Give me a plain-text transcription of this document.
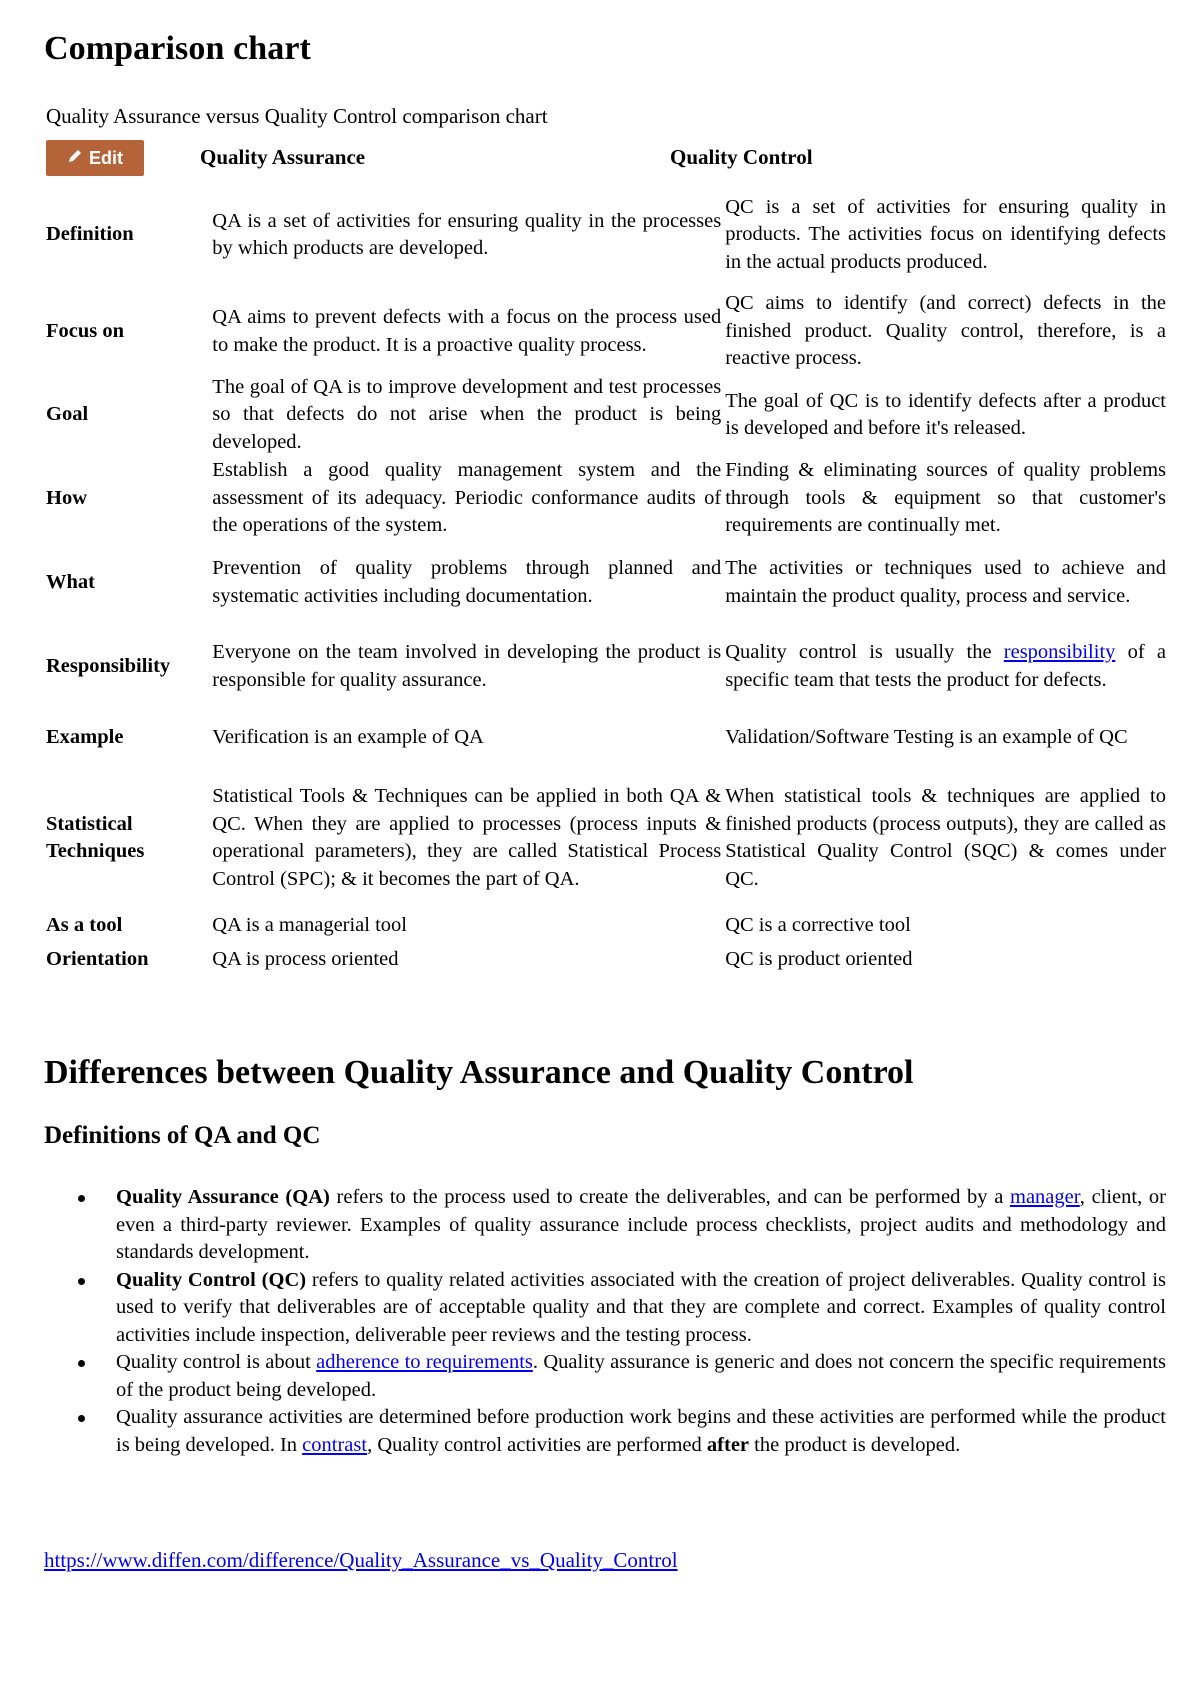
Comparison chart
Quality Assurance versus Quality Control comparison chart
Edit	Quality Assurance	Quality Control
Definition	QA is a set of activities for ensuring quality in the processes by which products are developed.	QC is a set of activities for ensuring quality in products. The activities focus on identifying defects in the actual products produced.
Focus on	QA aims to prevent defects with a focus on the process used to make the product. It is a proactive quality process.	QC aims to identify (and correct) defects in the finished product. Quality control, therefore, is a reactive process.
Goal	The goal of QA is to improve development and test processes so that defects do not arise when the product is being developed.	The goal of QC is to identify defects after a product is developed and before it's released.
How	Establish a good quality management system and the assessment of its adequacy. Periodic conformance audits of the operations of the system.	Finding & eliminating sources of quality problems through tools & equipment so that customer's requirements are continually met.
What	Prevention of quality problems through planned and systematic activities including documentation.	The activities or techniques used to achieve and maintain the product quality, process and service.
Responsibility	Everyone on the team involved in developing the product is responsible for quality assurance.	Quality control is usually the responsibility of a specific team that tests the product for defects.
Example	Verification is an example of QA	Validation/Software Testing is an example of QC
Statistical Techniques	Statistical Tools & Techniques can be applied in both QA & QC. When they are applied to processes (process inputs & operational parameters), they are called Statistical Process Control (SPC); & it becomes the part of QA.	When statistical tools & techniques are applied to finished products (process outputs), they are called as Statistical Quality Control (SQC) & comes under QC.
As a tool	QA is a managerial tool	QC is a corrective tool
Orientation	QA is process oriented	QC is product oriented
Differences between Quality Assurance and Quality Control
Definitions of QA and QC
Quality Assurance (QA) refers to the process used to create the deliverables, and can be performed by a manager, client, or even a third-party reviewer. Examples of quality assurance include process checklists, project audits and methodology and standards development.
Quality Control (QC) refers to quality related activities associated with the creation of project deliverables. Quality control is used to verify that deliverables are of acceptable quality and that they are complete and correct. Examples of quality control activities include inspection, deliverable peer reviews and the testing process.
Quality control is about adherence to requirements. Quality assurance is generic and does not concern the specific requirements of the product being developed.
Quality assurance activities are determined before production work begins and these activities are performed while the product is being developed. In contrast, Quality control activities are performed after the product is developed.
https://www.diffen.com/difference/Quality_Assurance_vs_Quality_Control
